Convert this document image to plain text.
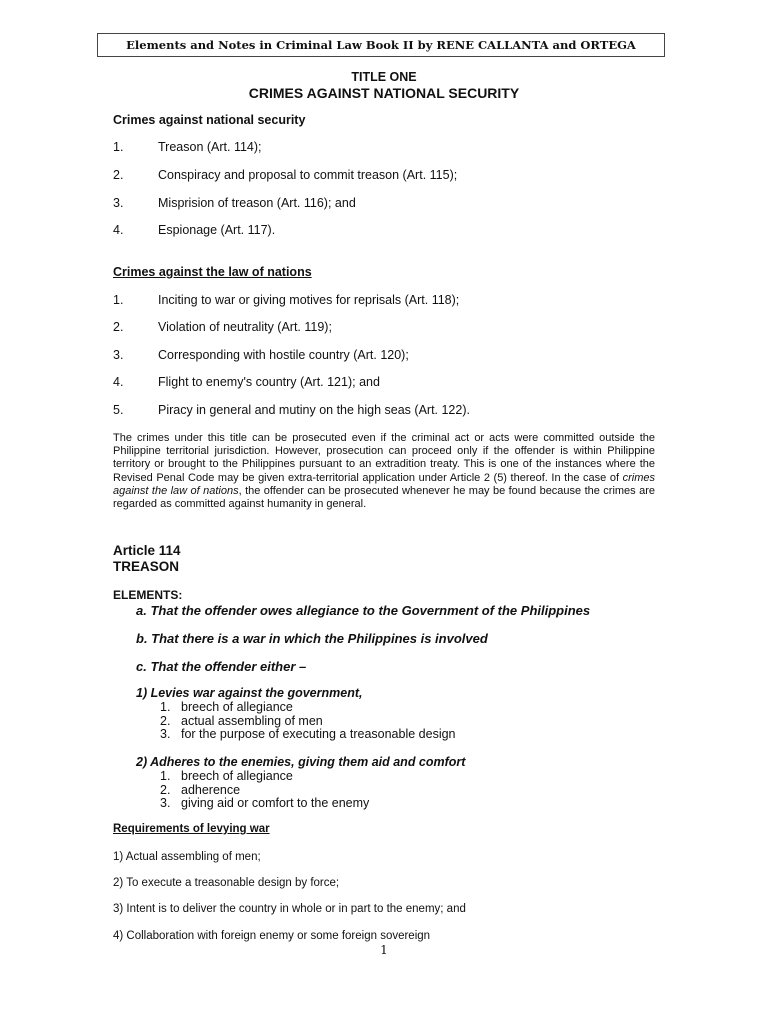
Elements and Notes in Criminal Law Book II by RENE CALLANTA and ORTEGA
TITLE ONE
CRIMES AGAINST NATIONAL SECURITY
Crimes against national security
1.	Treason (Art. 114);
2.	Conspiracy and proposal to commit treason (Art. 115);
3.	Misprision of treason (Art. 116); and
4.	Espionage (Art. 117).
Crimes against the law of nations
1.	Inciting to war or giving motives for reprisals (Art. 118);
2.	Violation of neutrality (Art. 119);
3.	Corresponding with hostile country (Art. 120);
4.	Flight to enemy's country (Art. 121); and
5.	Piracy in general and mutiny on the high seas (Art. 122).
The crimes under this title can be prosecuted even if the criminal act or acts were committed outside the Philippine territorial jurisdiction. However, prosecution can proceed only if the offender is within Philippine territory or brought to the Philippines pursuant to an extradition treaty. This is one of the instances where the Revised Penal Code may be given extra-territorial application under Article 2 (5) thereof. In the case of crimes against the law of nations, the offender can be prosecuted whenever he may be found because the crimes are regarded as committed against humanity in general.
Article 114
TREASON
ELEMENTS:
a. That the offender owes allegiance to the Government of the Philippines
b. That there is a war in which the Philippines is involved
c. That the offender either –
1) Levies war against the government,
1. breech of allegiance
2. actual assembling of men
3. for the purpose of executing a treasonable design
2) Adheres to the enemies, giving them aid and comfort
1. breech of allegiance
2. adherence
3. giving aid or comfort to the enemy
Requirements of levying war
1) Actual assembling of men;
2) To execute a treasonable design by force;
3) Intent is to deliver the country in whole or in part to the enemy; and
4) Collaboration with foreign enemy or some foreign sovereign
1
